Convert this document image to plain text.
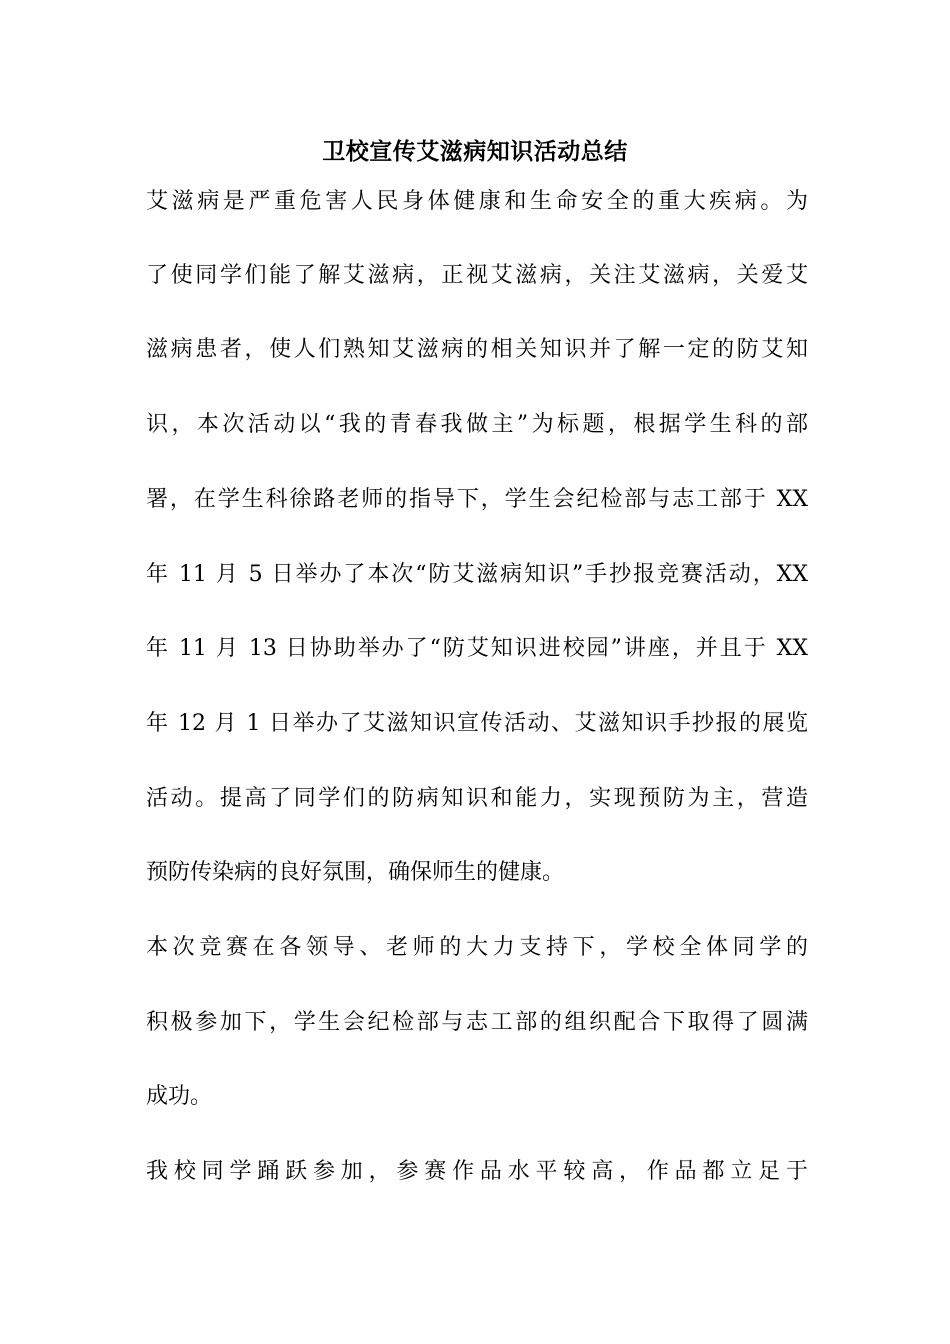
卫校宣传艾滋病知识活动总结
艾滋病是严重危害人民身体健康和生命安全的重大疾病。为
了使同学们能了解艾滋病，正视艾滋病，关注艾滋病，关爱艾
滋病患者，使人们熟知艾滋病的相关知识并了解一定的防艾知
识，本次活动以“我的青春我做主”为标题，根据学生科的部
署，在学生科徐路老师的指导下，学生会纪检部与志工部于 XX
年 11 月 5 日举办了本次“防艾滋病知识”手抄报竞赛活动，XX
年 11 月 13 日协助举办了“防艾知识进校园”讲座，并且于 XX
年 12 月 1 日举办了艾滋知识宣传活动、艾滋知识手抄报的展览
活动。提高了同学们的防病知识和能力，实现预防为主，营造
预防传染病的良好氛围，确保师生的健康。
本次竞赛在各领导、老师的大力支持下，学校全体同学的
积极参加下，学生会纪检部与志工部的组织配合下取得了圆满
成功。
我校同学踊跃参加，参赛作品水平较高，作品都立足于
